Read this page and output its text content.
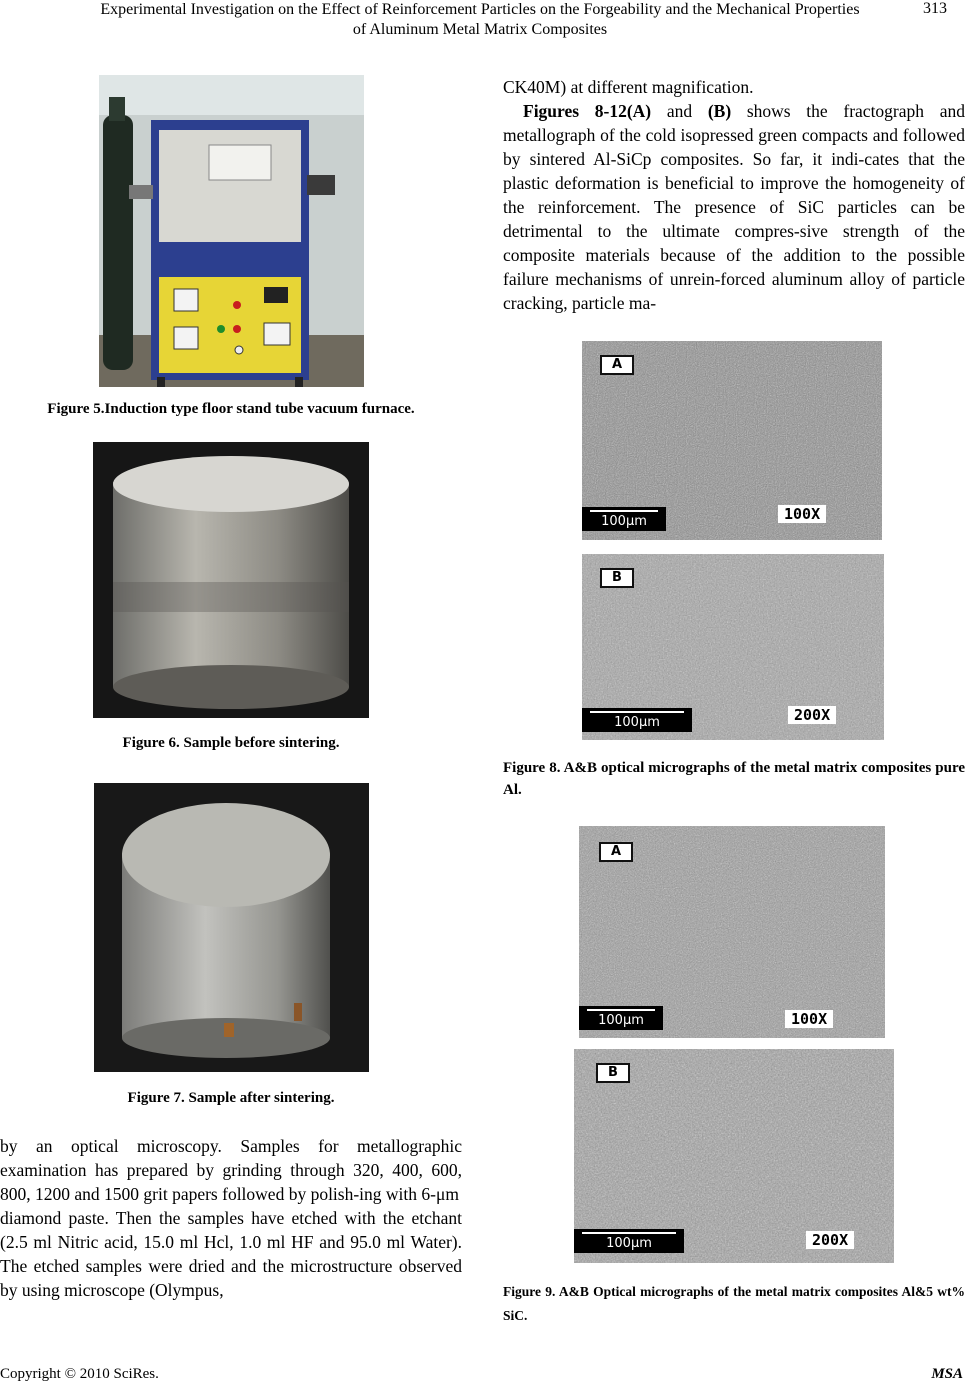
Experimental Investigation on the Effect of Reinforcement Particles on the Forgeability and the Mechanical Properties
of Aluminum Metal Matrix Composites
313
Figure 5.Induction type floor stand tube vacuum furnace.
Figure 6. Sample before sintering.
Figure 7. Sample after sintering.

by an optical microscopy. Samples for metallographic examination has prepared by grinding through 320, 400, 600, 800, 1200 and 1500 grit papers followed by polish-ing with 6-μm

diamond paste. Then the samples have etched with the etchant (2.5 ml Nitric acid, 15.0 ml Hcl, 1.0 ml HF and 95.0 ml Water). The etched samples were dried and the microstructure observed by using microscope (Olympus,

CK40M) at different magnification.

Figures 8-12(A) and (B) shows the fractograph and metallograph of the cold isopressed green compacts and followed by sintered Al-SiCp composites. So far, it indi-cates that the plastic deformation is beneficial to improve the homogeneity of the reinforcement. The presence of SiC particles can be detrimental to the ultimate compres-sive strength of the composite materials because of the addition to the possible failure mechanisms of unrein-forced aluminum alloy of particle cracking, particle ma-

A
100X
100μm
B
200X
100μm
Figure 8. A&B optical micrographs of the metal matrix composites pure Al.
A
100X
100μm
B
200X
100μm
Figure 9. A&B Optical micrographs of the metal matrix composites Al&5 wt% SiC.
Copyright © 2010 SciRes.	MSA
